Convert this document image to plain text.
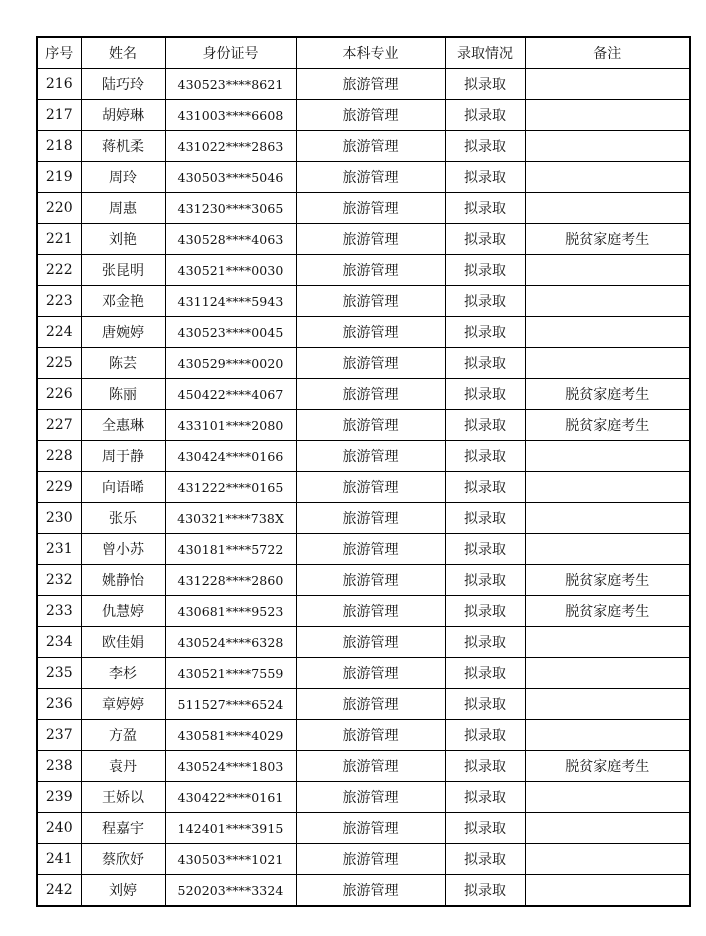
序号	姓名	身份证号	本科专业	录取情况	备注
216	陆巧玲	430523****8621	旅游管理	拟录取	
217	胡婷琳	431003****6608	旅游管理	拟录取	
218	蒋机柔	431022****2863	旅游管理	拟录取	
219	周玲	430503****5046	旅游管理	拟录取	
220	周惠	431230****3065	旅游管理	拟录取	
221	刘艳	430528****4063	旅游管理	拟录取	脱贫家庭考生
222	张昆明	430521****0030	旅游管理	拟录取	
223	邓金艳	431124****5943	旅游管理	拟录取	
224	唐婉婷	430523****0045	旅游管理	拟录取	
225	陈芸	430529****0020	旅游管理	拟录取	
226	陈丽	450422****4067	旅游管理	拟录取	脱贫家庭考生
227	全惠琳	433101****2080	旅游管理	拟录取	脱贫家庭考生
228	周于静	430424****0166	旅游管理	拟录取	
229	向语晞	431222****0165	旅游管理	拟录取	
230	张乐	430321****738X	旅游管理	拟录取	
231	曾小苏	430181****5722	旅游管理	拟录取	
232	姚静怡	431228****2860	旅游管理	拟录取	脱贫家庭考生
233	仇慧婷	430681****9523	旅游管理	拟录取	脱贫家庭考生
234	欧佳娟	430524****6328	旅游管理	拟录取	
235	李杉	430521****7559	旅游管理	拟录取	
236	章婷婷	511527****6524	旅游管理	拟录取	
237	方盈	430581****4029	旅游管理	拟录取	
238	袁丹	430524****1803	旅游管理	拟录取	脱贫家庭考生
239	王娇以	430422****0161	旅游管理	拟录取	
240	程嘉宇	142401****3915	旅游管理	拟录取	
241	蔡欣妤	430503****1021	旅游管理	拟录取	
242	刘婷	520203****3324	旅游管理	拟录取	
